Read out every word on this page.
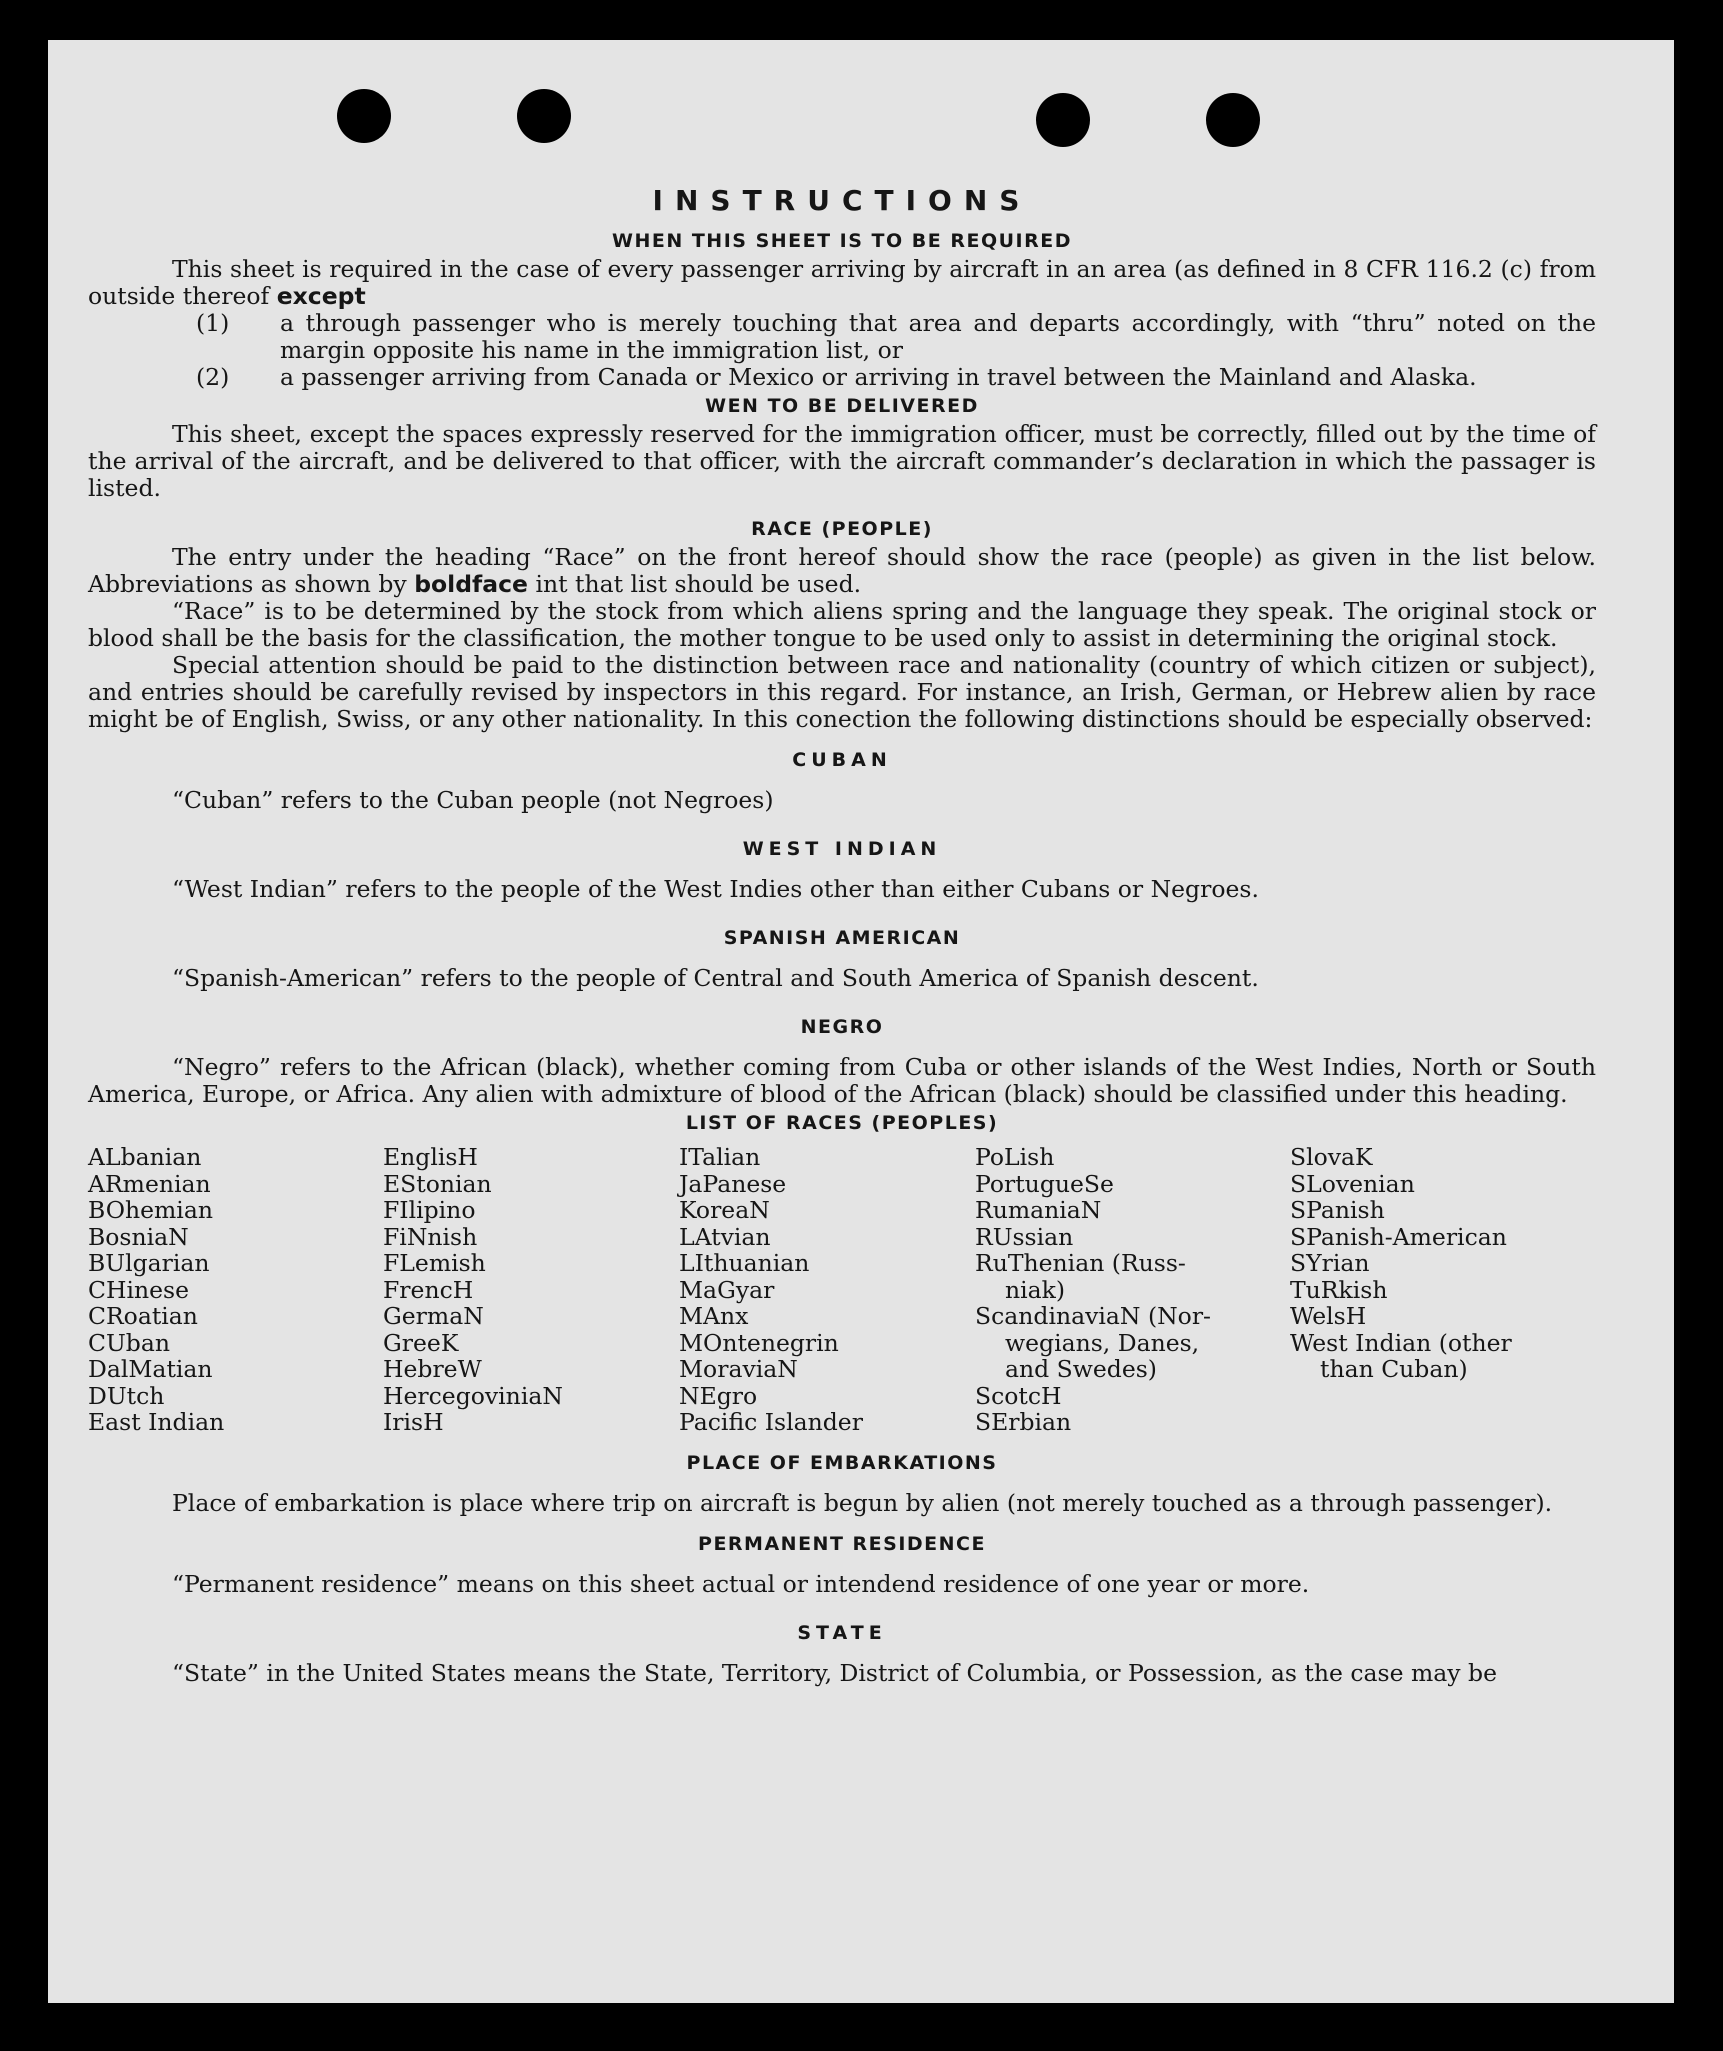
INSTRUCTIONS
WHEN THIS SHEET IS TO BE REQUIRED

This sheet is required in the case of every passenger arriving by aircraft in an area (as defined in 8 CFR 116.2 (c) from outside thereof except

(1)	a through passenger who is merely touching that area and departs accordingly, with “thru” noted on the margin opposite his name in the immigration list, or
(2)	a passenger arriving from Canada or Mexico or arriving in travel between the Mainland and Alaska.
WEN TO BE DELIVERED

This sheet, except the spaces expressly reserved for the immigration officer, must be correctly, filled out by the time of the arrival of the aircraft, and be delivered to that officer, with the aircraft commander’s declaration in which the passager is listed.

RACE (PEOPLE)

The entry under the heading “Race” on the front hereof should show the race (people) as given in the list below. Abbreviations as shown by boldface int that list should be used.

“Race” is to be determined by the stock from which aliens spring and the language they speak. The original stock or blood shall be the basis for the classification, the mother tongue to be used only to assist in determining the original stock.

Special attention should be paid to the distinction between race and nationality (country of which citizen or subject), and entries should be carefully revised by inspectors in this regard. For instance, an Irish, German, or Hebrew alien by race might be of English, Swiss, or any other nationality. In this conection the following distinctions should be especially observed:

CUBAN

“Cuban” refers to the Cuban people (not Negroes)

WEST INDIAN

“West Indian” refers to the people of the West Indies other than either Cubans or Negroes.

SPANISH AMERICAN

“Spanish-American” refers to the people of Central and South America of Spanish descent.

NEGRO

“Negro” refers to the African (black), whether coming from Cuba or other islands of the West Indies, North or South America, Europe, or Africa. Any alien with admixture of blood of the African (black) should be classified under this heading.

LIST OF RACES (PEOPLES)
ALbanian
ARmenian
BOhemian
BosniaN
BUlgarian
CHinese
CRoatian
CUban
DalMatian
DUtch
East Indian
EnglisH
EStonian
FIlipino
FiNnish
FLemish
FrencH
GermaN
GreeK
HebreW
HercegoviniaN
IrisH
ITalian
JaPanese
KoreaN
LAtvian
LIthuanian
MaGyar
MAnx
MOntenegrin
MoraviaN
NEgro
Pacific Islander
PoLish
PortugueSe
RumaniaN
RUssian
RuThenian (Russ-
niak)
ScandinaviaN (Nor-
wegians, Danes,
and Swedes)
ScotcH
SErbian
SlovaK
SLovenian
SPanish
SPanish-American
SYrian
TuRkish
WelsH
West Indian (other
than Cuban)
PLACE OF EMBARKATIONS

Place of embarkation is place where trip on aircraft is begun by alien (not merely touched as a through passenger).

PERMANENT RESIDENCE

“Permanent residence” means on this sheet actual or intendend residence of one year or more.

STATE

“State” in the United States means the State, Territory, District of Columbia, or Possession, as the case may be
